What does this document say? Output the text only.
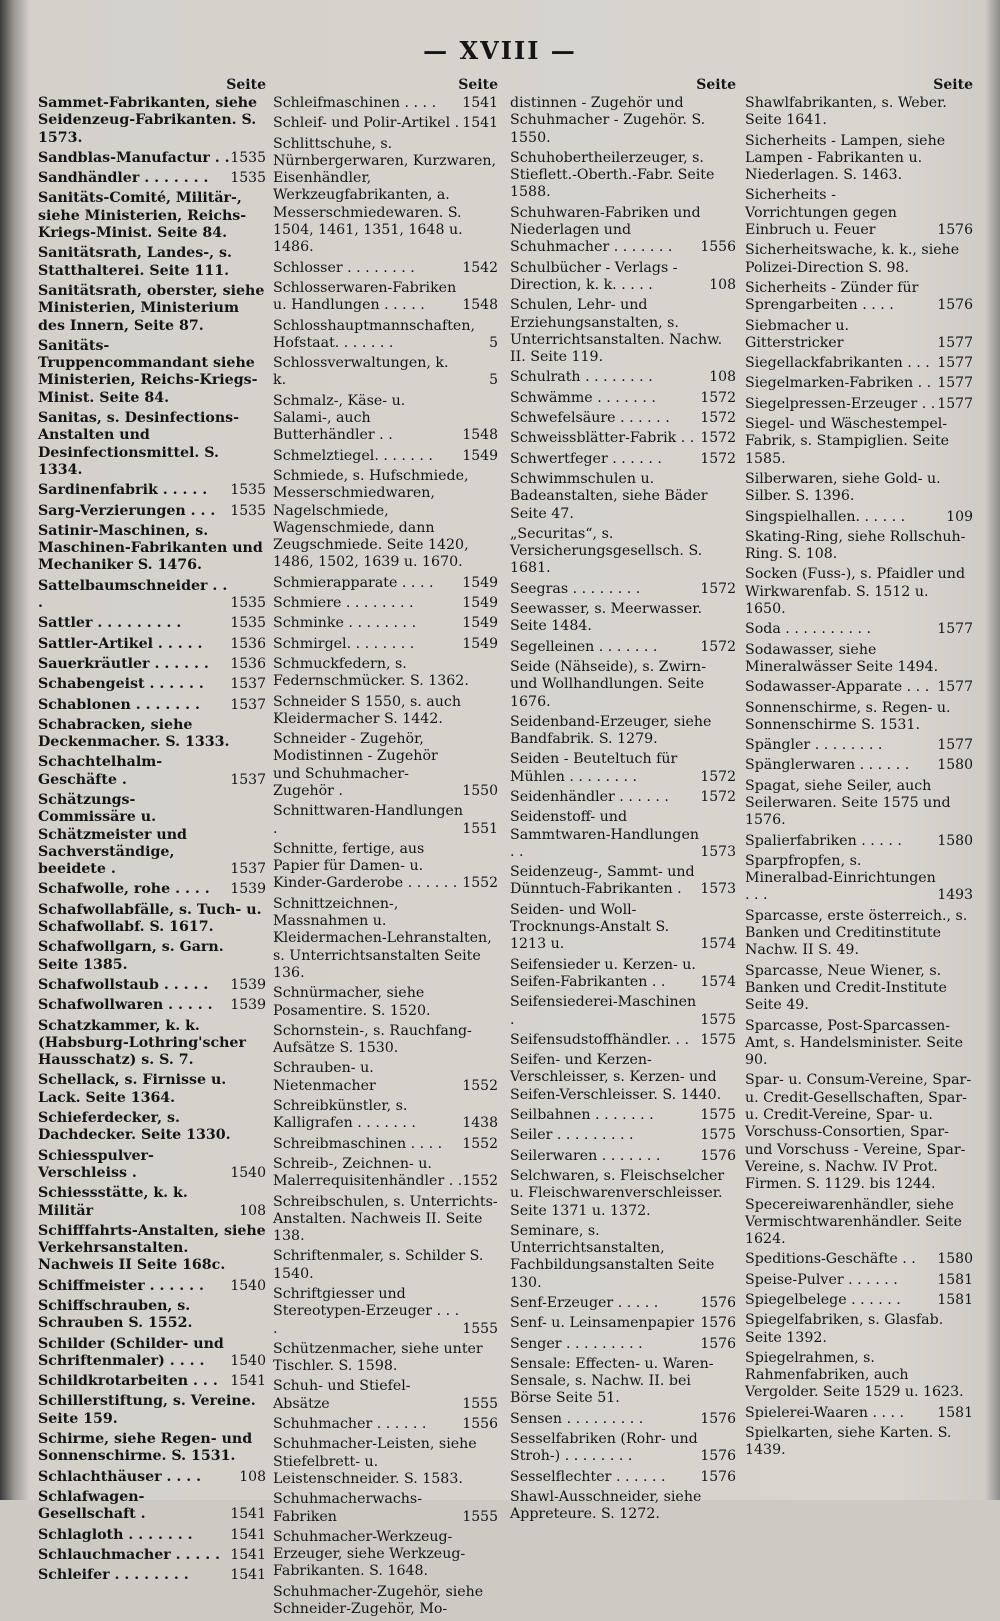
— XVIII —
Seite
Sammet-Fabrikanten, siehe Seidenzeug-Fabrikanten. S. 1573.
Sandblas-Manufactur . . 1535
Sandhändler . . . . . . . 1535
Sanitäts-Comité, Militär-, siehe Ministerien, Reichs-Kriegs-Minist. Seite 84.
Sanitätsrath, Landes-, s. Statthalterei. Seite 111.
Sanitätsrath, oberster, siehe Ministerien, Ministerium des Innern, Seite 87.
Sanitäts-Truppencommandant siehe Ministerien, Reichs-Kriegs-Minist. Seite 84.
Sanitas, s. Desinfections-Anstalten und Desinfectionsmittel. S. 1334.
Sardinenfabrik . . . . . 1535
Sarg-Verzierungen . . . 1535
Satinir-Maschinen, s. Maschinen-Fabrikanten und Mechaniker S. 1476.
Sattelbaumschneider . . .	1535
Sattler . . . . . . . . .	1535
Sattler-Artikel . . . . . 1536
Sauerkräutler . . . . . . 1536
Schabengeist . . . . . . 1537
Schablonen . . . . . . . 1537
Schabracken, siehe Deckenmacher. S. 1333.
Schachtelhalm-Geschäfte .	1537
Schätzungs-Commissäre u. Schätzmeister und Sachverständige, beeidete .	1537
Schafwolle, rohe . . . . 1539
Schafwollabfälle, s. Tuch- u. Schafwollabf. S. 1617.
Schafwollgarn, s. Garn. Seite 1385.
Schafwollstaub . . . . . 1539
Schafwollwaren . . . . . 1539
Schatzkammer, k. k. (Habsburg-Lothring'scher Hausschatz) s. S. 7.
Schellack, s. Firnisse u. Lack. Seite 1364.
Schieferdecker, s. Dachdecker. Seite 1330.
Schiesspulver-Verschleiss .	1540
Schiessstätte, k. k. Militär	108
Schifffahrts-Anstalten, siehe Verkehrsanstalten. Nachweis II Seite 168c.
Schiffmeister . . . . . . 1540
Schiffschrauben, s. Schrauben S. 1552.
Schilder (Schilder- und Schriftenmaler) . . . . 1540
Schildkrotarbeiten . . . 1541
Schillerstiftung, s. Vereine. Seite 159.
Schirme, siehe Regen- und Sonnenschirme. S. 1531.
Schlachthäuser . . . .	108
Schlafwagen-Gesellschaft .	1541
Schlagloth . . . . . . .	1541
Schlauchmacher . . . . . 1541
Schleifer . . . . . . . .	1541
Seite
Schleifmaschinen . . . . 1541
Schleif- und Polir-Artikel . 1541
Schlittschuhe, s. Nürnbergerwaren, Kurzwaren, Eisenhändler, Werkzeugfabrikanten, a. Messerschmiedewaren. S. 1504, 1461, 1351, 1648 u. 1486.
Schlosser . . . . . . . .	1542
Schlosserwaren-Fabriken u. Handlungen . . . . .	1548
Schlosshauptmannschaften, Hofstaat. . . . . . .	5
Schlossverwaltungen, k. k.	5
Schmalz-, Käse- u. Salami-, auch Butterhändler . .	1548
Schmelztiegel. . . . . . . 1549
Schmiede, s. Hufschmiede, Messerschmiedwaren, Nagelschmiede, Wagenschmiede, dann Zeugschmiede. Seite 1420, 1486, 1502, 1639 u. 1670.
Schmierapparate . . . . 1549
Schmiere . . . . . . . .	1549
Schminke . . . . . . . .	1549
Schmirgel. . . . . . . .	1549
Schmuckfedern, s. Federnschmücker. S. 1362.
Schneider S 1550, s. auch Kleidermacher S. 1442.
Schneider - Zugehör, Modistinnen - Zugehör und Schuhmacher-Zugehör .	1550
Schnittwaren-Handlungen .	1551
Schnitte, fertige, aus Papier für Damen- u. Kinder-Garderobe . . . . . . 1552
Schnittzeichnen-, Massnahmen u. Kleidermachen-Lehranstalten, s. Unterrichtsanstalten Seite 136.
Schnürmacher, siehe Posamentire. S. 1520.
Schornstein-, s. Rauchfang-Aufsätze S. 1530.
Schrauben- u. Nietenmacher	1552
Schreibkünstler, s. Kalligrafen . . . . . . .	1438
Schreibmaschinen . . . . 1552
Schreib-, Zeichnen- u. Malerrequisitenhändler . . 1552
Schreibschulen, s. Unterrichts-Anstalten. Nachweis II. Seite 138.
Schriftenmaler, s. Schilder S. 1540.
Schriftgiesser und Stereotypen-Erzeuger . . . .	1555
Schützenmacher, siehe unter Tischler. S. 1598.
Schuh- und Stiefel-Absätze	1555
Schuhmacher . . . . . .	1556
Schuhmacher-Leisten, siehe Stiefelbrett- u. Leistenschneider. S. 1583.
Schuhmacherwachs-Fabriken	1555
Schuhmacher-Werkzeug-Erzeuger, siehe Werkzeug-Fabrikanten. S. 1648.
Schuhmacher-Zugehör, siehe Schneider-Zugehör, Mo-
Seite
distinnen - Zugehör und Schuhmacher - Zugehör. S. 1550.
Schuhobertheilerzeuger, s. Stieflett.-Oberth.-Fabr. Seite 1588.
Schuhwaren-Fabriken und Niederlagen und Schuhmacher . . . . . . . 1556
Schulbücher - Verlags - Direction, k. k. . . . .	108
Schulen, Lehr- und Erziehungsanstalten, s. Unterrichtsanstalten. Nachw. II. Seite 119.
Schulrath . . . . . . . .	108
Schwämme . . . . . . .	1572
Schwefelsäure . . . . . . 1572
Schweissblätter-Fabrik . . 1572
Schwertfeger . . . . . .	1572
Schwimmschulen u. Badeanstalten, siehe Bäder Seite 47.
„Securitas“, s. Versicherungsgesellsch. S. 1681.
Seegras . . . . . . . .	1572
Seewasser, s. Meerwasser. Seite 1484.
Segelleinen . . . . . . .	1572
Seide (Nähseide), s. Zwirn- und Wollhandlungen. Seite 1676.
Seidenband-Erzeuger, siehe Bandfabrik. S. 1279.
Seiden - Beuteltuch für Mühlen . . . . . . . .	1572
Seidenhändler . . . . . . 1572
Seidenstoff- und Sammtwaren-Handlungen . .	1573
Seidenzeug-, Sammt- und Dünntuch-Fabrikanten . 1573
Seiden- und Woll-Trocknungs-Anstalt S. 1213 u.	1574
Seifensieder u. Kerzen- u. Seifen-Fabrikanten . . 1574
Seifensiederei-Maschinen .	1575
Seifensudstoffhändler. . . 1575
Seifen- und Kerzen-Verschleisser, s. Kerzen- und Seifen-Verschleisser. S. 1440.
Seilbahnen . . . . . . .	1575
Seiler . . . . . . . . .	1575
Seilerwaren . . . . . . .	1576
Selchwaren, s. Fleischselcher u. Fleischwarenverschleisser. Seite 1371 u. 1372.
Seminare, s. Unterrichtsanstalten, Fachbildungsanstalten Seite 130.
Senf-Erzeuger . . . . .	1576
Senf- u. Leinsamenpapier 1576
Senger . . . . . . . . .	1576
Sensale: Effecten- u. Waren-Sensale, s. Nachw. II. bei Börse Seite 51.
Sensen . . . . . . . . .	1576
Sesselfabriken (Rohr- und Stroh-) . . . . . . . .	1576
Sesselflechter . . . . . . 1576
Shawl-Ausschneider, siehe Appreteure. S. 1272.
Seite
Shawlfabrikanten, s. Weber. Seite 1641.
Sicherheits - Lampen, siehe Lampen - Fabrikanten u. Niederlagen. S. 1463.
Sicherheits - Vorrichtungen gegen Einbruch u. Feuer	1576
Sicherheitswache, k. k., siehe Polizei-Direction S. 98.
Sicherheits - Zünder für Sprengarbeiten . . . .	1576
Siebmacher u. Gitterstricker	1577
Siegellackfabrikanten . . . 1577
Siegelmarken-Fabriken . . 1577
Siegelpressen-Erzeuger . . 1577
Siegel- und Wäschestempel-Fabrik, s. Stampiglien. Seite 1585.
Silberwaren, siehe Gold- u. Silber. S. 1396.
Singspielhallen. . . . . .	109
Skating-Ring, siehe Rollschuh-Ring. S. 108.
Socken (Fuss-), s. Pfaidler und Wirkwarenfab. S. 1512 u. 1650.
Soda . . . . . . . . . .	1577
Sodawasser, siehe Mineralwässer Seite 1494.
Sodawasser-Apparate . . . 1577
Sonnenschirme, s. Regen- u. Sonnenschirme S. 1531.
Spängler . . . . . . . .	1577
Spänglerwaren . . . . . . 1580
Spagat, siehe Seiler, auch Seilerwaren. Seite 1575 und 1576.
Spalierfabriken . . . . .	1580
Sparpfropfen, s. Mineralbad-Einrichtungen . . .	1493
Sparcasse, erste österreich., s. Banken und Creditinstitute Nachw. II S. 49.
Sparcasse, Neue Wiener, s. Banken und Credit-Institute Seite 49.
Sparcasse, Post-Sparcassen-Amt, s. Handelsminister. Seite 90.
Spar- u. Consum-Vereine, Spar- u. Credit-Gesellschaften, Spar- u. Credit-Vereine, Spar- u. Vorschuss-Consortien, Spar- und Vorschuss - Vereine, Spar-Vereine, s. Nachw. IV Prot. Firmen. S. 1129. bis 1244.
Specereiwarenhändler, siehe Vermischtwarenhändler. Seite 1624.
Speditions-Geschäfte . . 1580
Speise-Pulver . . . . . .	1581
Spiegelbelege . . . . . .	1581
Spiegelfabriken, s. Glasfab. Seite 1392.
Spiegelrahmen, s. Rahmenfabriken, auch Vergolder. Seite 1529 u. 1623.
Spielerei-Waaren . . . . 1581
Spielkarten, siehe Karten. S. 1439.
